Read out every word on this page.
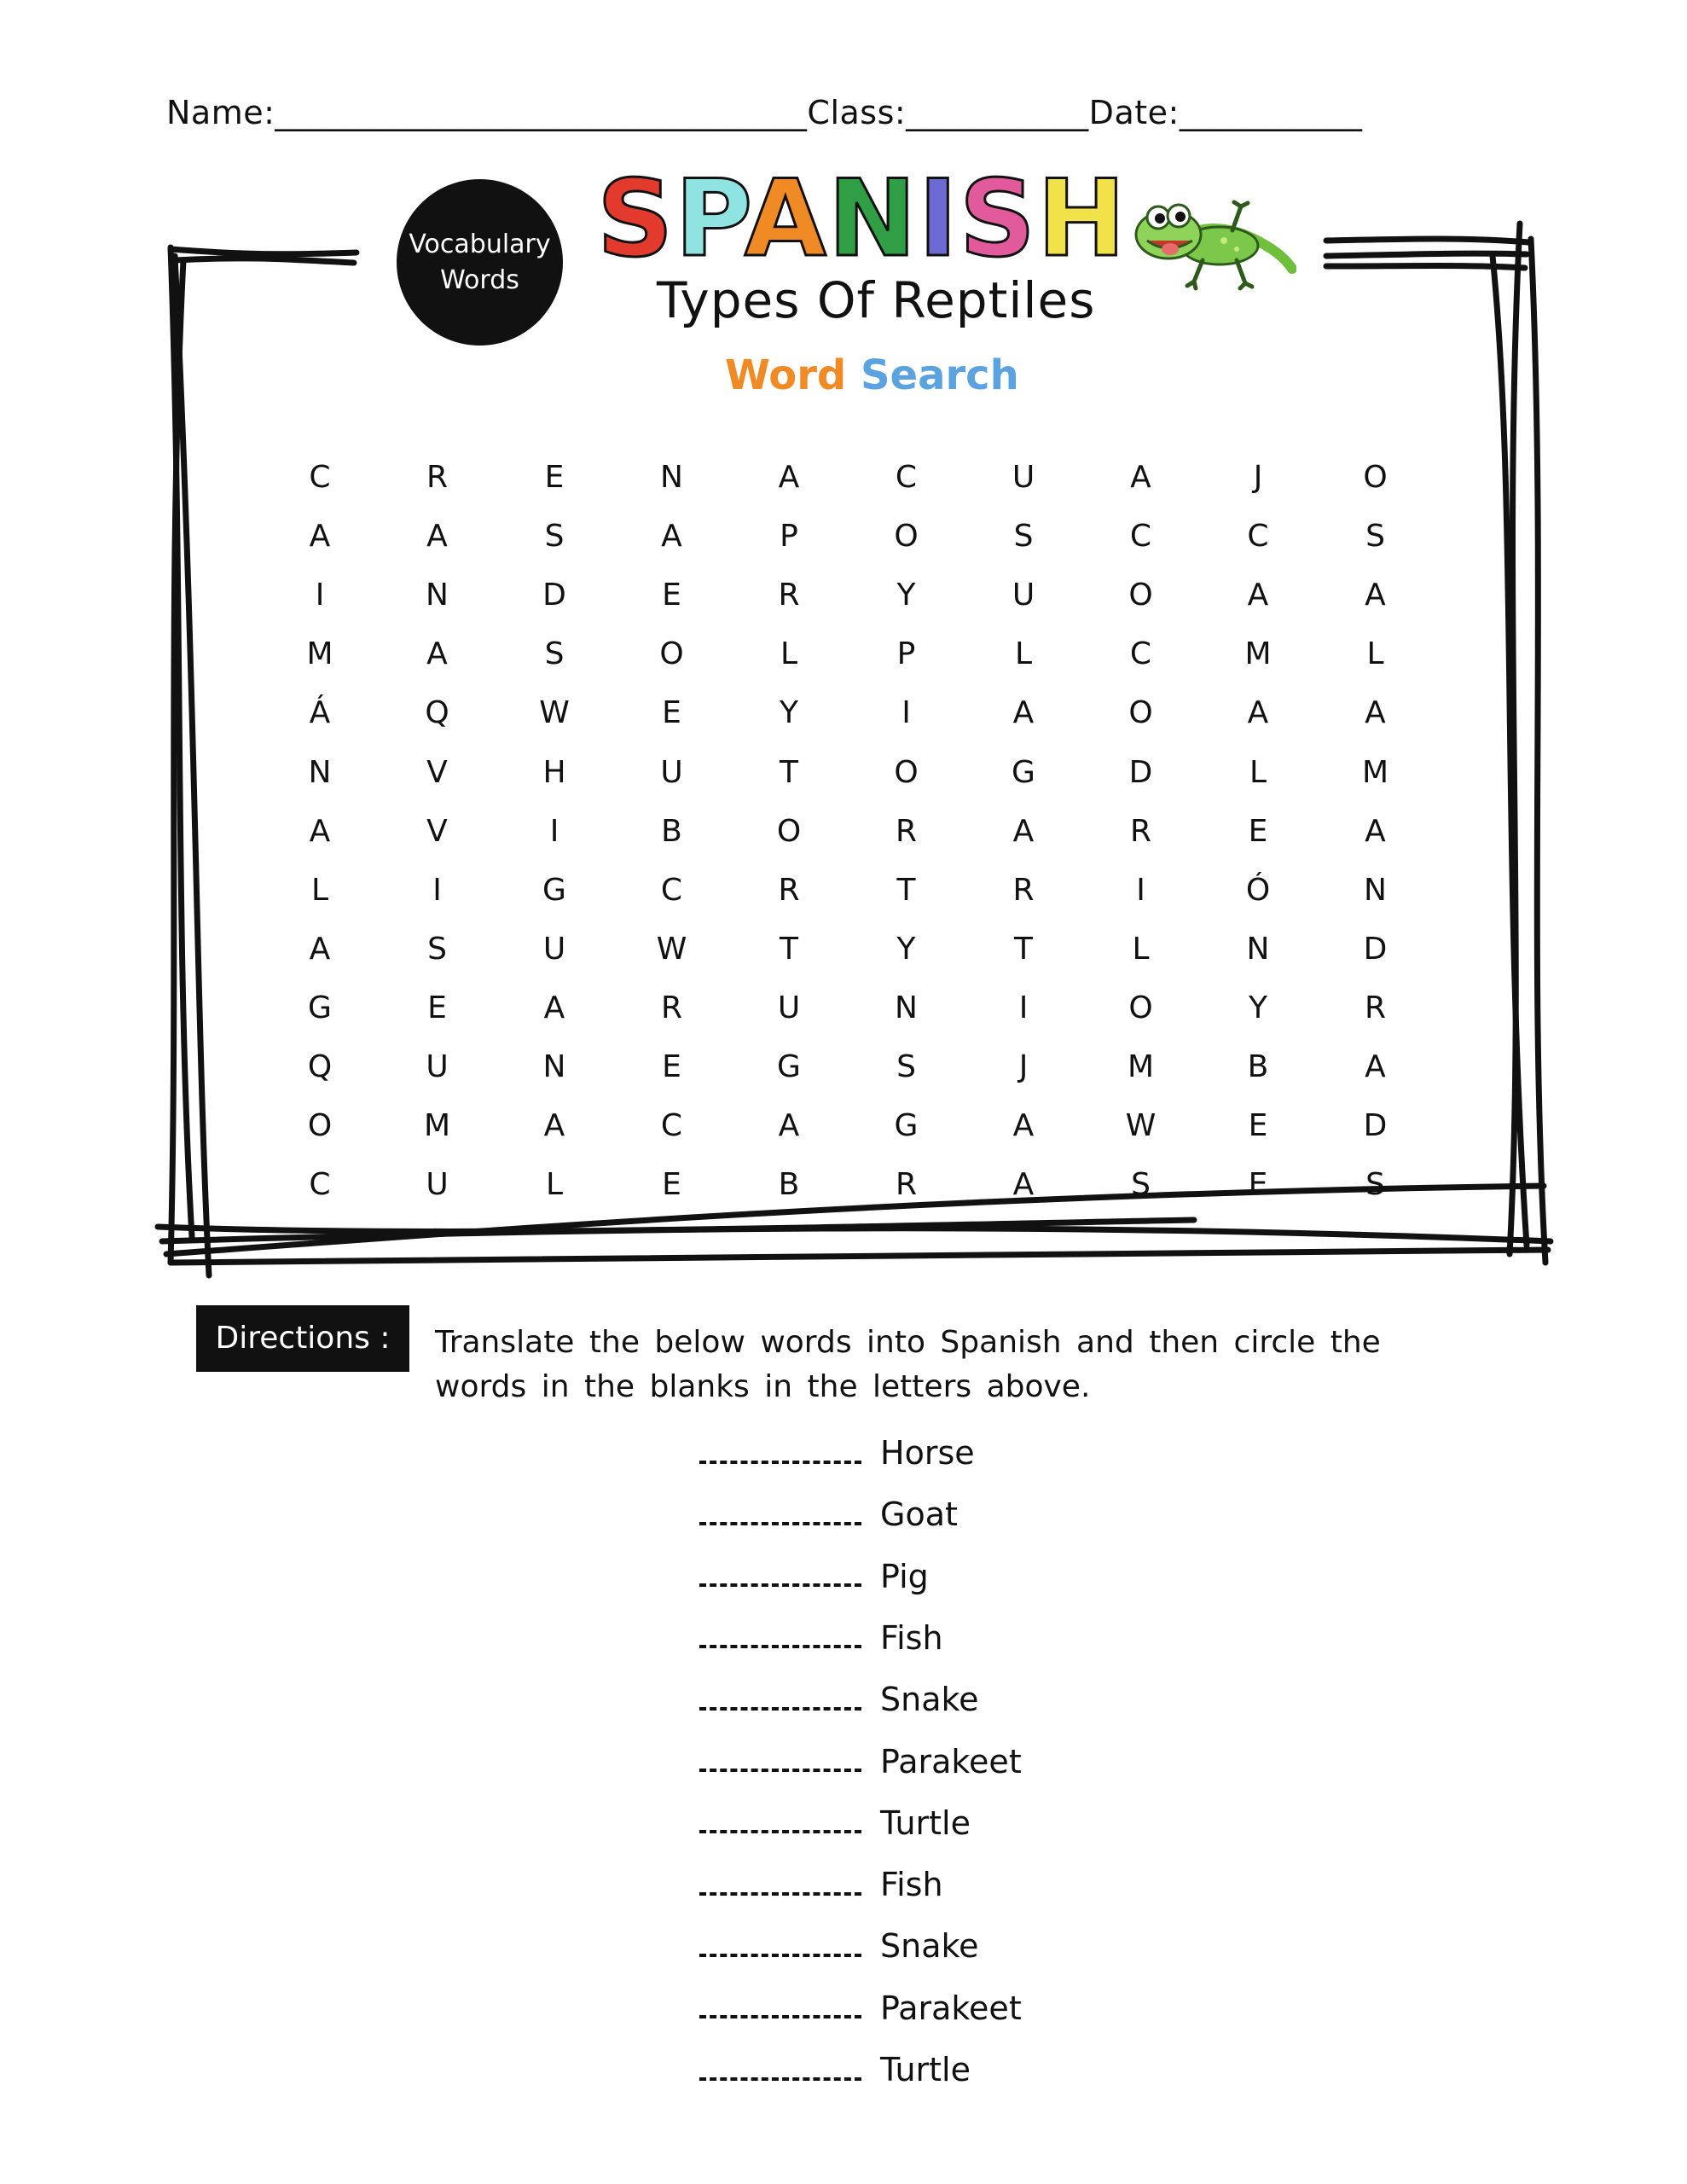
Name:________________________________Class:___________Date:___________
Vocabulary
Words SPANISH
Types Of Reptiles
Word Search
C	R	E	N	A	C	U	A	J	O
A	A	S	A	P	O	S	C	C	S
I	N	D	E	R	Y	U	O	A	A
M	A	S	O	L	P	L	C	M	L
Á	Q	W	E	Y	I	A	O	A	A
N	V	H	U	T	O	G	D	L	M
A	V	I	B	O	R	A	R	E	A
L	I	G	C	R	T	R	I	Ó	N
A	S	U	W	T	Y	T	L	N	D
G	E	A	R	U	N	I	O	Y	R
Q	U	N	E	G	S	J	M	B	A
O	M	A	C	A	G	A	W	E	D
C	U	L	E	B	R	A	S	E	S
Directions :	Translate the below words into Spanish and then circle the words in the blanks in the letters above.
Horse
Goat
Pig
Fish
Snake
Parakeet
Turtle
Fish
Snake
Parakeet
Turtle
